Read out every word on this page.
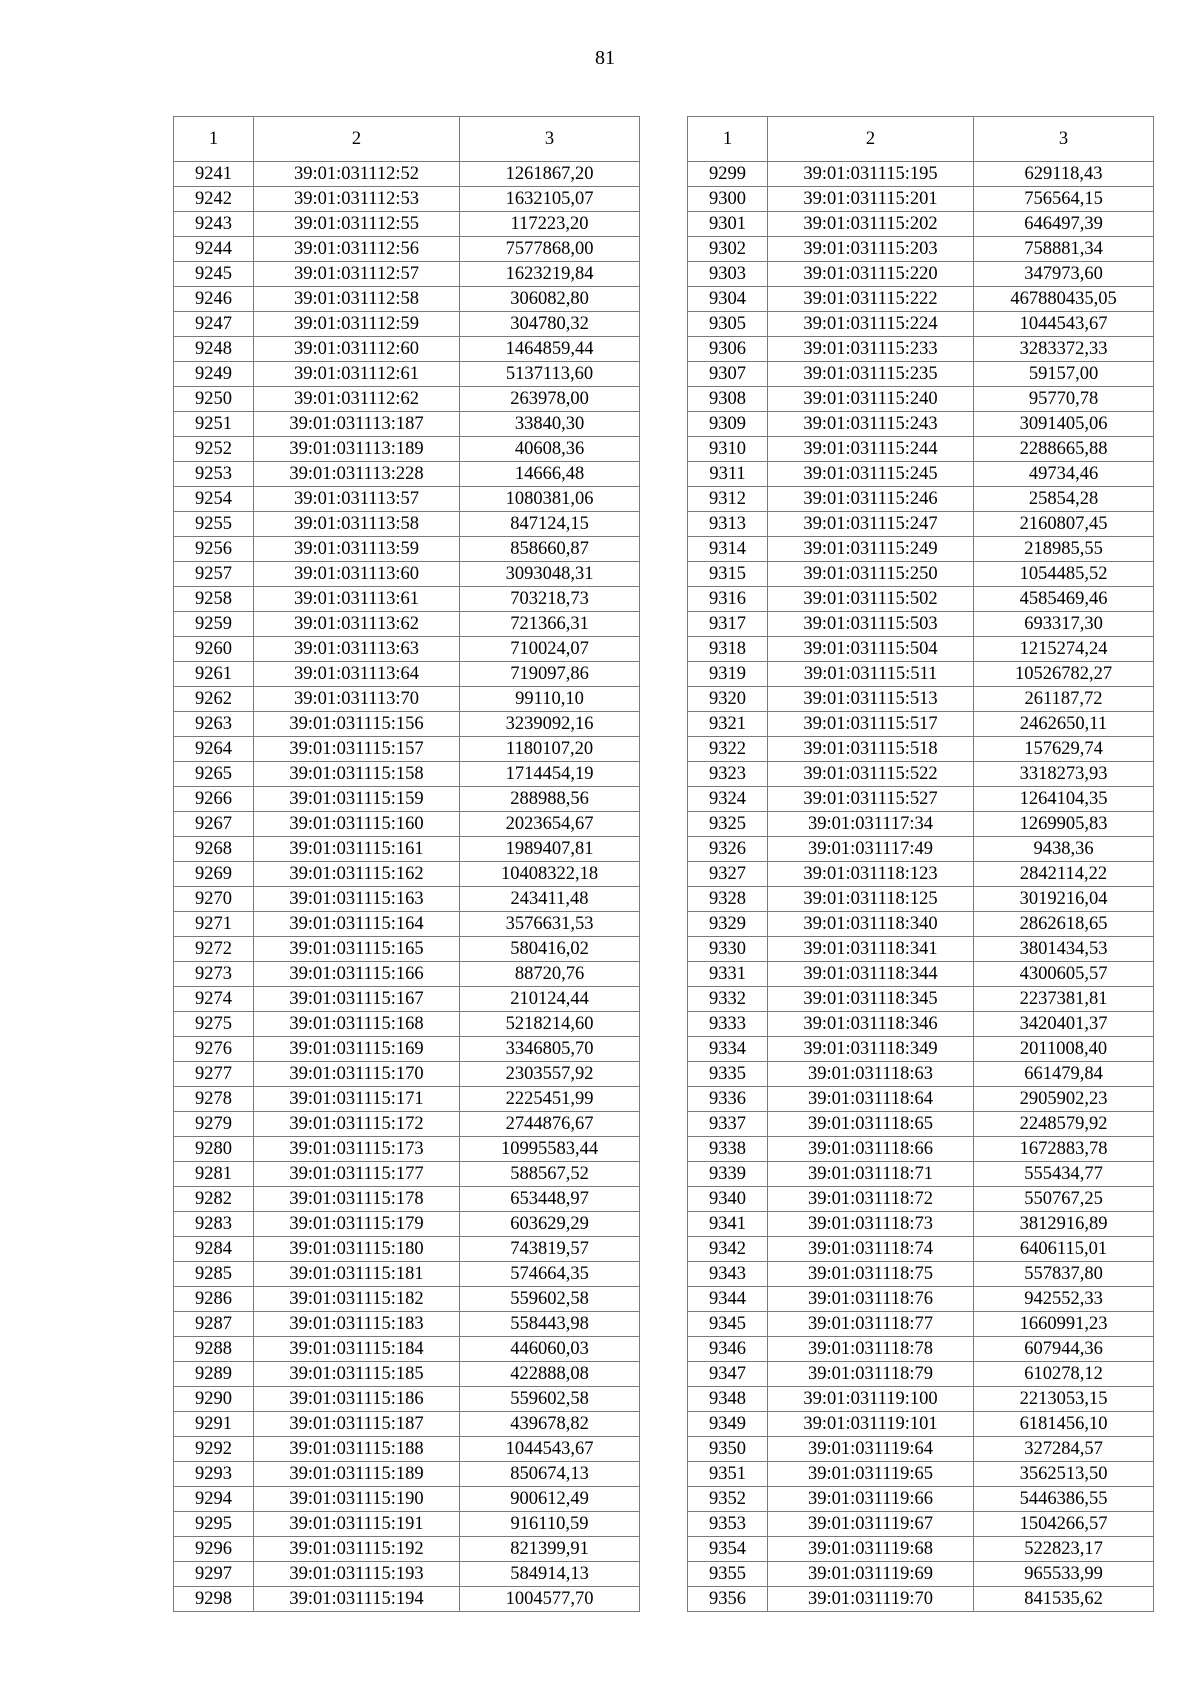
81
1	2	3
9241	39:01:031112:52	1261867,20
9242	39:01:031112:53	1632105,07
9243	39:01:031112:55	117223,20
9244	39:01:031112:56	7577868,00
9245	39:01:031112:57	1623219,84
9246	39:01:031112:58	306082,80
9247	39:01:031112:59	304780,32
9248	39:01:031112:60	1464859,44
9249	39:01:031112:61	5137113,60
9250	39:01:031112:62	263978,00
9251	39:01:031113:187	33840,30
9252	39:01:031113:189	40608,36
9253	39:01:031113:228	14666,48
9254	39:01:031113:57	1080381,06
9255	39:01:031113:58	847124,15
9256	39:01:031113:59	858660,87
9257	39:01:031113:60	3093048,31
9258	39:01:031113:61	703218,73
9259	39:01:031113:62	721366,31
9260	39:01:031113:63	710024,07
9261	39:01:031113:64	719097,86
9262	39:01:031113:70	99110,10
9263	39:01:031115:156	3239092,16
9264	39:01:031115:157	1180107,20
9265	39:01:031115:158	1714454,19
9266	39:01:031115:159	288988,56
9267	39:01:031115:160	2023654,67
9268	39:01:031115:161	1989407,81
9269	39:01:031115:162	10408322,18
9270	39:01:031115:163	243411,48
9271	39:01:031115:164	3576631,53
9272	39:01:031115:165	580416,02
9273	39:01:031115:166	88720,76
9274	39:01:031115:167	210124,44
9275	39:01:031115:168	5218214,60
9276	39:01:031115:169	3346805,70
9277	39:01:031115:170	2303557,92
9278	39:01:031115:171	2225451,99
9279	39:01:031115:172	2744876,67
9280	39:01:031115:173	10995583,44
9281	39:01:031115:177	588567,52
9282	39:01:031115:178	653448,97
9283	39:01:031115:179	603629,29
9284	39:01:031115:180	743819,57
9285	39:01:031115:181	574664,35
9286	39:01:031115:182	559602,58
9287	39:01:031115:183	558443,98
9288	39:01:031115:184	446060,03
9289	39:01:031115:185	422888,08
9290	39:01:031115:186	559602,58
9291	39:01:031115:187	439678,82
9292	39:01:031115:188	1044543,67
9293	39:01:031115:189	850674,13
9294	39:01:031115:190	900612,49
9295	39:01:031115:191	916110,59
9296	39:01:031115:192	821399,91
9297	39:01:031115:193	584914,13
9298	39:01:031115:194	1004577,70
1	2	3
9299	39:01:031115:195	629118,43
9300	39:01:031115:201	756564,15
9301	39:01:031115:202	646497,39
9302	39:01:031115:203	758881,34
9303	39:01:031115:220	347973,60
9304	39:01:031115:222	467880435,05
9305	39:01:031115:224	1044543,67
9306	39:01:031115:233	3283372,33
9307	39:01:031115:235	59157,00
9308	39:01:031115:240	95770,78
9309	39:01:031115:243	3091405,06
9310	39:01:031115:244	2288665,88
9311	39:01:031115:245	49734,46
9312	39:01:031115:246	25854,28
9313	39:01:031115:247	2160807,45
9314	39:01:031115:249	218985,55
9315	39:01:031115:250	1054485,52
9316	39:01:031115:502	4585469,46
9317	39:01:031115:503	693317,30
9318	39:01:031115:504	1215274,24
9319	39:01:031115:511	10526782,27
9320	39:01:031115:513	261187,72
9321	39:01:031115:517	2462650,11
9322	39:01:031115:518	157629,74
9323	39:01:031115:522	3318273,93
9324	39:01:031115:527	1264104,35
9325	39:01:031117:34	1269905,83
9326	39:01:031117:49	9438,36
9327	39:01:031118:123	2842114,22
9328	39:01:031118:125	3019216,04
9329	39:01:031118:340	2862618,65
9330	39:01:031118:341	3801434,53
9331	39:01:031118:344	4300605,57
9332	39:01:031118:345	2237381,81
9333	39:01:031118:346	3420401,37
9334	39:01:031118:349	2011008,40
9335	39:01:031118:63	661479,84
9336	39:01:031118:64	2905902,23
9337	39:01:031118:65	2248579,92
9338	39:01:031118:66	1672883,78
9339	39:01:031118:71	555434,77
9340	39:01:031118:72	550767,25
9341	39:01:031118:73	3812916,89
9342	39:01:031118:74	6406115,01
9343	39:01:031118:75	557837,80
9344	39:01:031118:76	942552,33
9345	39:01:031118:77	1660991,23
9346	39:01:031118:78	607944,36
9347	39:01:031118:79	610278,12
9348	39:01:031119:100	2213053,15
9349	39:01:031119:101	6181456,10
9350	39:01:031119:64	327284,57
9351	39:01:031119:65	3562513,50
9352	39:01:031119:66	5446386,55
9353	39:01:031119:67	1504266,57
9354	39:01:031119:68	522823,17
9355	39:01:031119:69	965533,99
9356	39:01:031119:70	841535,62
